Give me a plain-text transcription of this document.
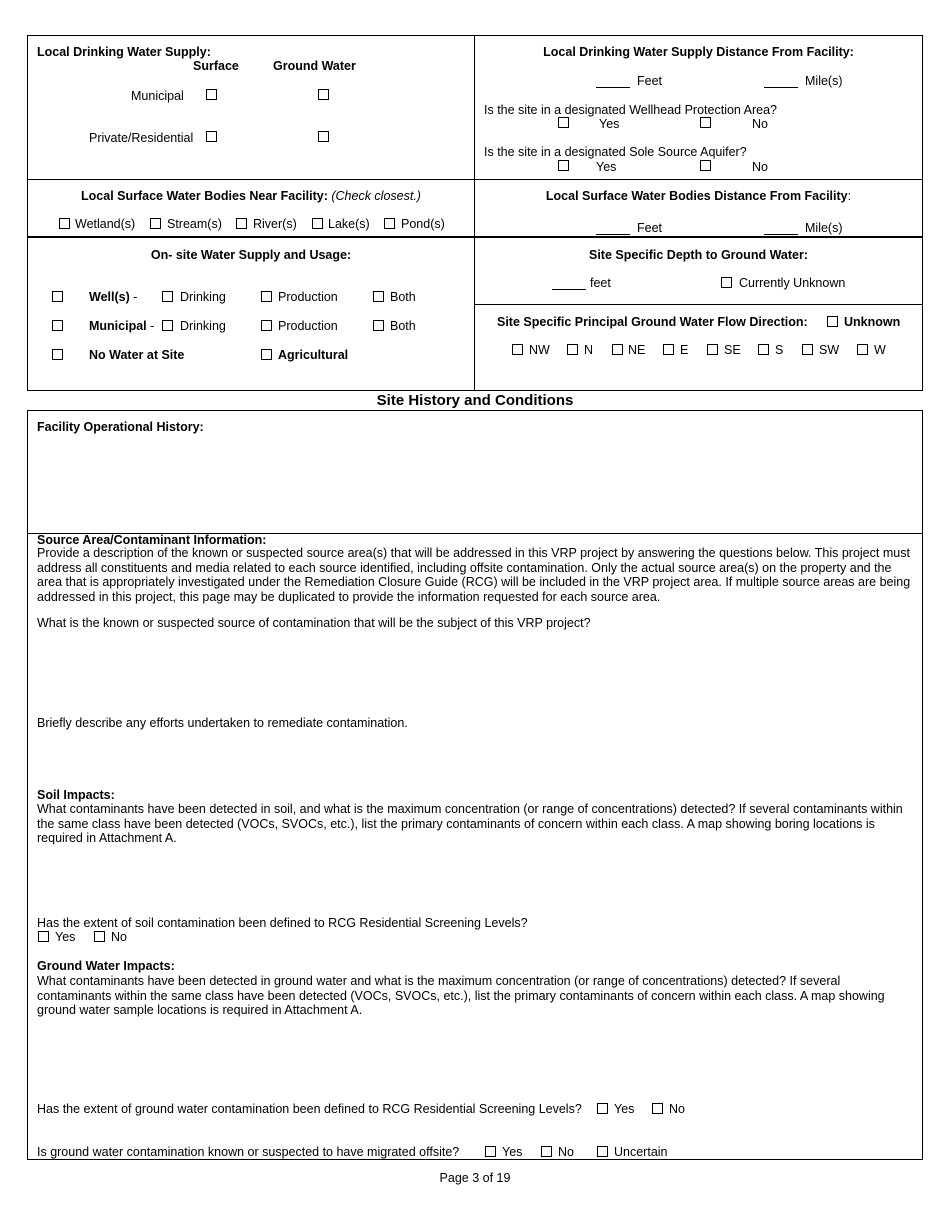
Local Drinking Water Supply:
Surface	Ground Water
Municipal
Private/Residential
Local Drinking Water Supply Distance From Facility:
Feet	Mile(s)
Is the site in a designated Wellhead Protection Area?
Yes	No
Is the site in a designated Sole Source Aquifer?
Yes	No
Local Surface Water Bodies Near Facility: (Check closest.)
Wetland(s)	Stream(s) River(s)	Lake(s)	Pond(s)
Local Surface Water Bodies Distance From Facility:
Feet	Mile(s)
On- site Water Supply and Usage:
Well(s) -	Drinking	Production	Both
Municipal - Drinking	Production	Both
No Water at Site	Agricultural
Site Specific Depth to Ground Water:
feet	Currently Unknown
Site Specific Principal Ground Water Flow Direction:	Unknown
NW	N	NE	E	SE	S	SW	W
Site History and Conditions
Facility Operational History:
Source Area/Contaminant Information:
Provide a description of the known or suspected source area(s) that will be addressed in this VRP project by answering the questions below. This project must address all constituents and media related to each source identified, including offsite contamination. Only the actual source area(s) on the property and the area that is appropriately investigated under the Remediation Closure Guide (RCG) will be included in the VRP project area. If multiple source areas are being addressed in this project, this page may be duplicated to provide the information requested for each source area.
What is the known or suspected source of contamination that will be the subject of this VRP project?
Briefly describe any efforts undertaken to remediate contamination.
Soil Impacts:
What contaminants have been detected in soil, and what is the maximum concentration (or range of concentrations) detected? If several contaminants within the same class have been detected (VOCs, SVOCs, etc.), list the primary contaminants of concern within each class. A map showing boring locations is required in Attachment A.
Has the extent of soil contamination been defined to RCG Residential Screening Levels?
Yes	No
Ground Water Impacts:
What contaminants have been detected in ground water and what is the maximum concentration (or range of concentrations) detected? If several contaminants within the same class have been detected (VOCs, SVOCs, etc.), list the primary contaminants of concern within each class. A map showing ground water sample locations is required in Attachment A.
Has the extent of ground water contamination been defined to RCG Residential Screening Levels?	Yes	No
Is ground water contamination known or suspected to have migrated offsite?	Yes	No	Uncertain
Page 3 of 19
